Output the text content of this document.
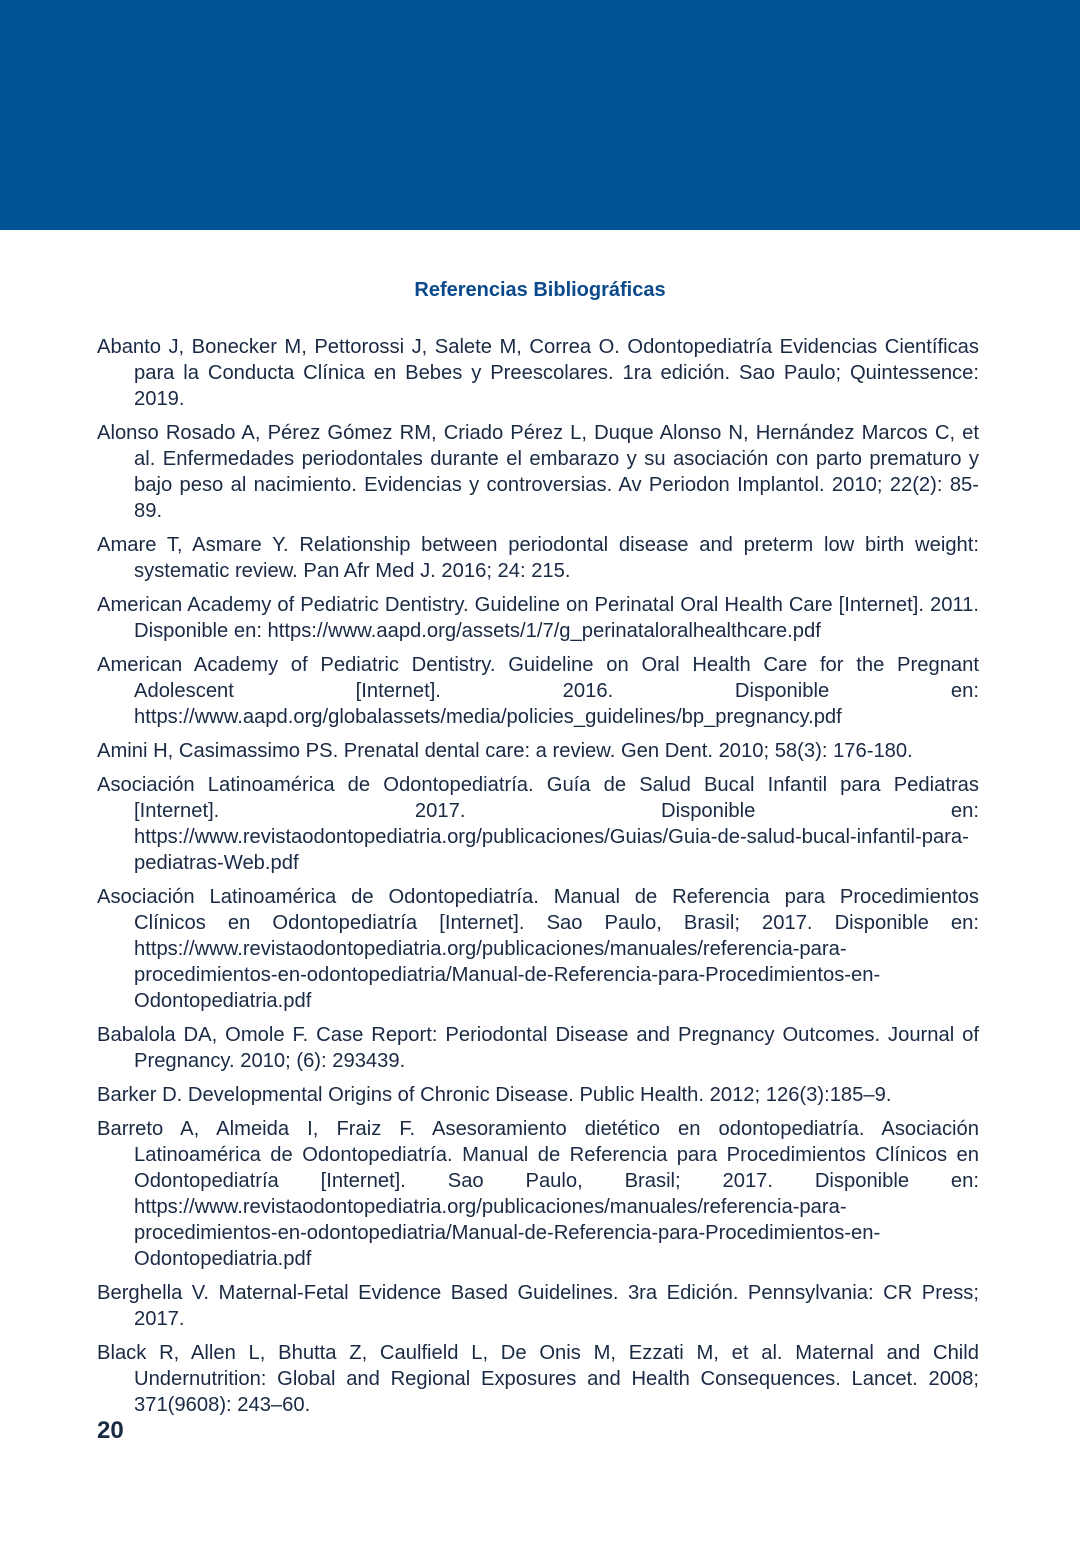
Referencias Bibliográficas
Abanto J, Bonecker M, Pettorossi J, Salete M, Correa O. Odontopediatría Evidencias Científicas para la Conducta Clínica en Bebes y Preescolares. 1ra edición. Sao Paulo; Quintessence: 2019.
Alonso Rosado A, Pérez Gómez RM, Criado Pérez L, Duque Alonso N, Hernández Marcos C, et al. Enfermedades periodontales durante el embarazo y su asociación con parto prematuro y bajo peso al nacimiento. Evidencias y controversias. Av Periodon Implantol. 2010; 22(2): 85-89.
Amare T, Asmare Y. Relationship between periodontal disease and preterm low birth weight: systematic review. Pan Afr Med J. 2016; 24: 215.
American Academy of Pediatric Dentistry. Guideline on Perinatal Oral Health Care [Internet]. 2011. Disponible en: https://www.aapd.org/assets/1/7/g_perinataloralhealthcare.pdf
American Academy of Pediatric Dentistry. Guideline on Oral Health Care for the Pregnant Adolescent [Internet]. 2016. Disponible en: https://www.aapd.org/globalassets/media/policies_guidelines/bp_pregnancy.pdf
Amini H, Casimassimo PS. Prenatal dental care: a review. Gen Dent. 2010; 58(3): 176-180.
Asociación Latinoamérica de Odontopediatría. Guía de Salud Bucal Infantil para Pediatras [Internet]. 2017. Disponible en: https://www.revistaodontopediatria.org/publicaciones/Guias/Guia-de-salud-bucal-infantil-para-pediatras-Web.pdf
Asociación Latinoamérica de Odontopediatría. Manual de Referencia para Procedimientos Clínicos en Odontopediatría [Internet]. Sao Paulo, Brasil; 2017. Disponible en: https://www.revistaodontopediatria.org/publicaciones/manuales/referencia-para-procedimientos-en-odontopediatria/Manual-de-Referencia-para-Procedimientos-en-Odontopediatria.pdf
Babalola DA, Omole F. Case Report: Periodontal Disease and Pregnancy Outcomes. Journal of Pregnancy. 2010; (6): 293439.
Barker D. Developmental Origins of Chronic Disease. Public Health. 2012; 126(3):185–9.
Barreto A, Almeida I, Fraiz F. Asesoramiento dietético en odontopediatría. Asociación Latinoamérica de Odontopediatría. Manual de Referencia para Procedimientos Clínicos en Odontopediatría [Internet]. Sao Paulo, Brasil; 2017. Disponible en: https://www.revistaodontopediatria.org/publicaciones/manuales/referencia-para-procedimientos-en-odontopediatria/Manual-de-Referencia-para-Procedimientos-en-Odontopediatria.pdf
Berghella V. Maternal-Fetal Evidence Based Guidelines. 3ra Edición. Pennsylvania: CR Press; 2017.
Black R, Allen L, Bhutta Z, Caulfield L, De Onis M, Ezzati M, et al. Maternal and Child Undernutrition: Global and Regional Exposures and Health Consequences. Lancet. 2008; 371(9608): 243–60.
20
